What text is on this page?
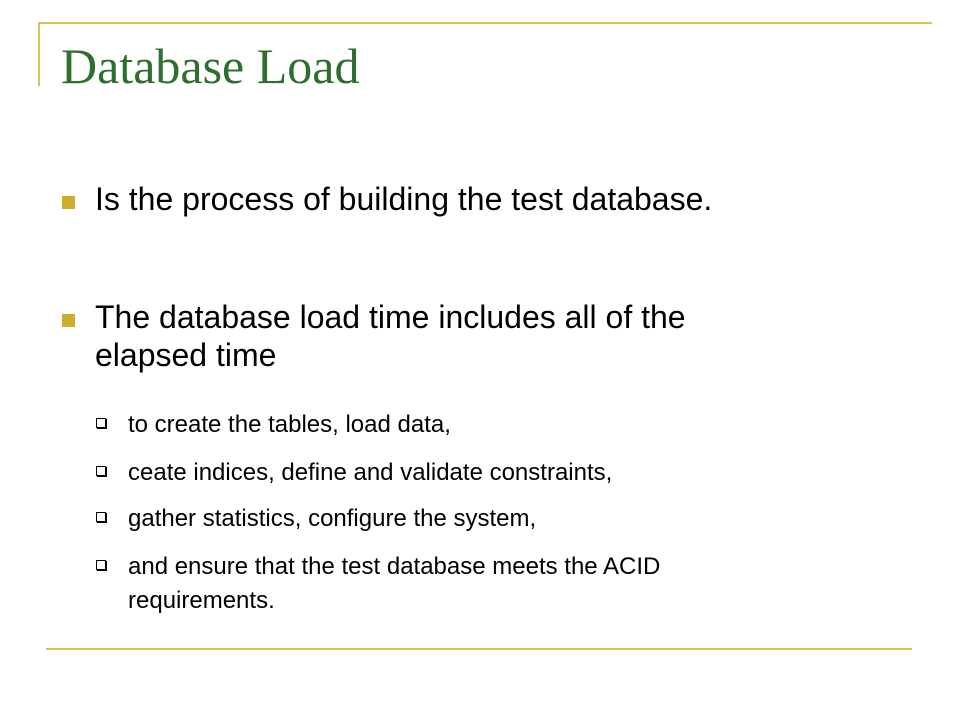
Database Load
Is the process of building the test database.
The database load time includes all of the
elapsed time
to create the tables, load data,
ceate indices, define and validate constraints,
gather statistics, configure the system,
and ensure that the test database meets the ACID
requirements.
